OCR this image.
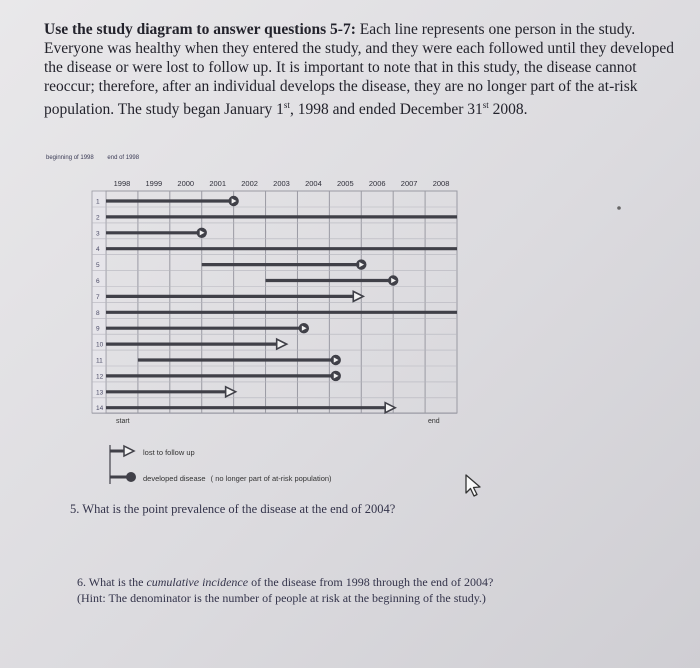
Use the study diagram to answer questions 5-7: Each line represents one person in the study. Everyone was healthy when they entered the study, and they were each followed until they developed the disease or were lost to follow up. It is important to note that in this study, the disease cannot reoccur; therefore, after an individual develops the disease, they are no longer part of the at-risk population. The study began January 1st, 1998 and ended December 31st 2008.
beginning of 1998 end of 1998
1998 1999 2000 2001 2002 2003 2004 2005 2006 2007 2008
1
2
3
4
5
6
7
8
9
10
11
12
13
14
start	end
lost to follow up
developed disease ( no longer part of at-risk population)
5. What is the point prevalence of the disease at the end of 2004?
6. What is the cumulative incidence of the disease from 1998 through the end of 2004?
(Hint: The denominator is the number of people at risk at the beginning of the study.)
